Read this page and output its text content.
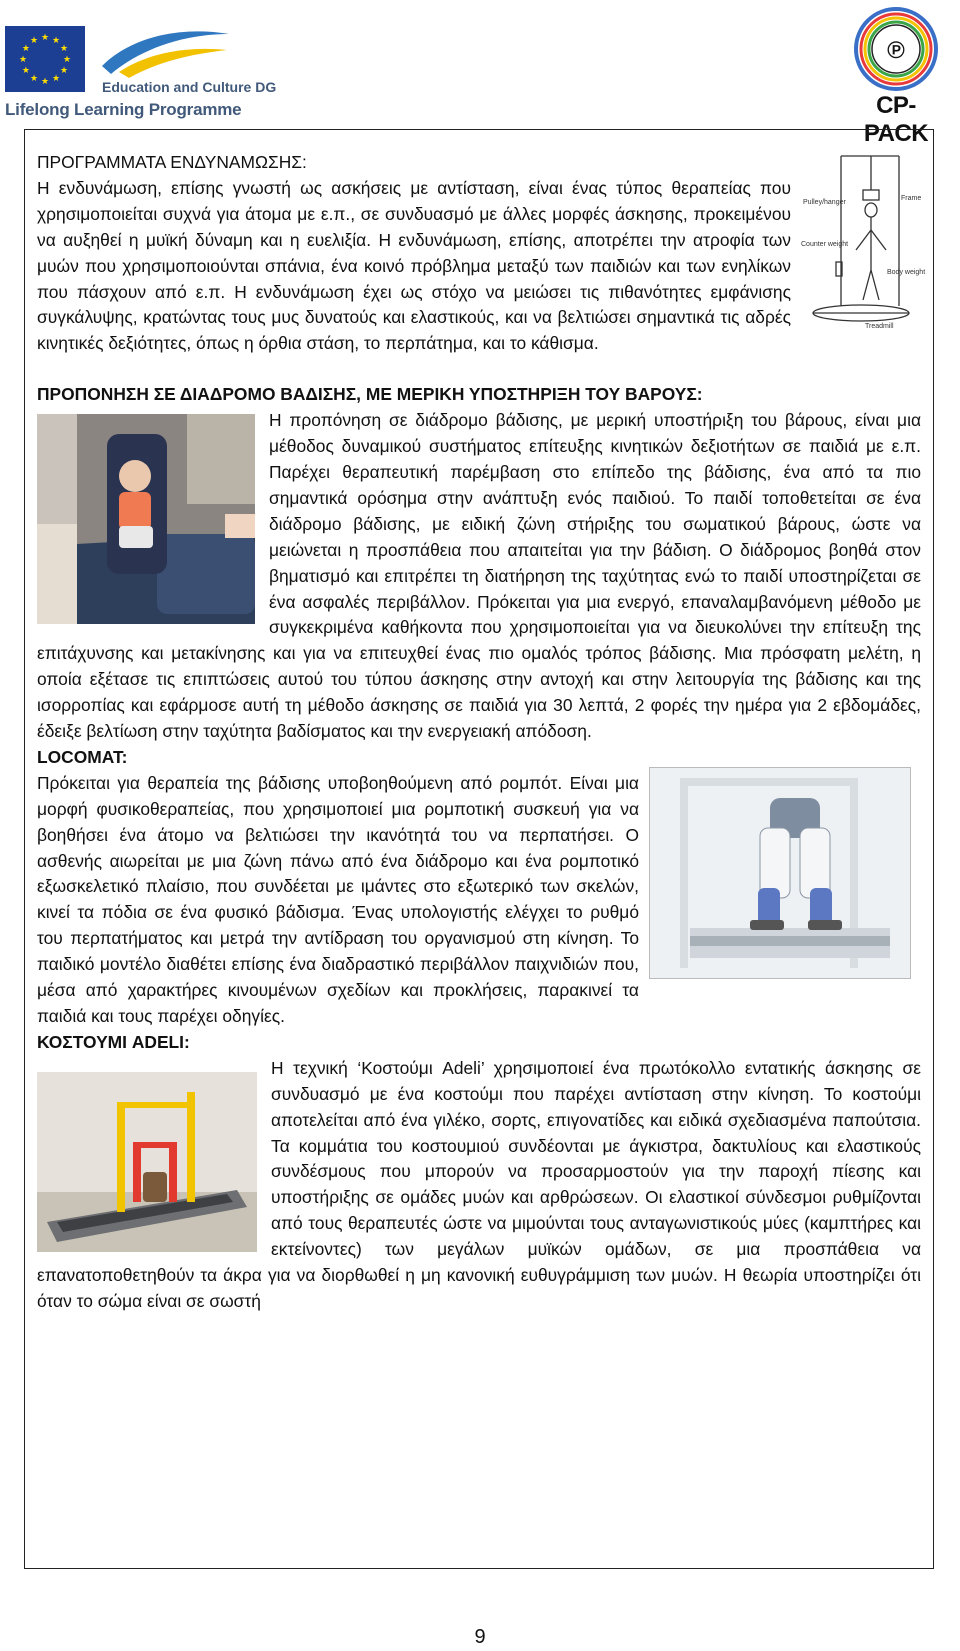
★ ★
★
★
★
★
★
★
★
★
★
★
Education and Culture DG
Lifelong Learning Programme
℗
CP-PACK
Pulley/hanger
Frame
Counter weight
Body weight
Treadmill
ΠΡΟΓΡΑΜΜΑΤΑ ΕΝΔΥΝΑΜΩΣΗΣ:

Η ενδυνάμωση, επίσης γνωστή ως ασκήσεις με αντίσταση, είναι ένας τύπος θεραπείας που χρησιμοποιείται συχνά για άτομα με ε.π., σε συνδυασμό με άλλες μορφές άσκησης, προκειμένου να αυξηθεί η μυϊκή δύναμη και η ευελιξία. Η ενδυνάμωση, επίσης, αποτρέπει την ατροφία των μυών που χρησιμοποιούνται σπάνια, ένα κοινό πρόβλημα μεταξύ των παιδιών και των ενηλίκων που πάσχουν από ε.π. Η ενδυνάμωση έχει ως στόχο να μειώσει τις πιθανότητες εμφάνισης συγκάλυψης, κρατώντας τους μυς δυνατούς και ελαστικούς, και να βελτιώσει σημαντικά τις αδρές κινητικές δεξιότητες, όπως η όρθια στάση, το περπάτημα, και το κάθισμα.

ΠΡΟΠΟΝΗΣΗ ΣΕ ΔΙΑΔΡΟΜΟ ΒΑΔΙΣΗΣ, ΜΕ ΜΕΡΙΚΗ ΥΠΟΣΤΗΡΙΞΗ ΤΟΥ ΒΑΡΟΥΣ:

Η προπόνηση σε διάδρομο βάδισης, με μερική υποστήριξη του βάρους, είναι μια μέθοδος δυναμικού συστήματος επίτευξης κινητικών δεξιοτήτων σε παιδιά με ε.π. Παρέχει θεραπευτική παρέμβαση στο επίπεδο της βάδισης, ένα από τα πιο σημαντικά ορόσημα στην ανάπτυξη ενός παιδιού. Το παιδί τοποθετείται σε ένα διάδρομο βάδισης, με ειδική ζώνη στήριξης του σωματικού βάρους, ώστε να μειώνεται η προσπάθεια που απαιτείται για την βάδιση. Ο διάδρομος βοηθά στον βηματισμό και επιτρέπει τη διατήρηση της ταχύτητας ενώ το παιδί υποστηρίζεται σε ένα ασφαλές περιβάλλον. Πρόκειται για μια ενεργό, επαναλαμβανόμενη μέθοδο με συγκεκριμένα καθήκοντα που χρησιμοποιείται για να διευκολύνει την επίτευξη της επιτάχυνσης και μετακίνησης και για να επιτευχθεί ένας πιο ομαλός τρόπος βάδισης. Μια πρόσφατη μελέτη, η οποία εξέτασε τις επιπτώσεις αυτού του τύπου άσκησης στην αντοχή και στην λειτουργία της βάδισης και της ισορροπίας και εφάρμοσε αυτή τη μέθοδο άσκησης σε παιδιά για 30 λεπτά, 2 φορές την ημέρα για 2 εβδομάδες, έδειξε βελτίωση στην ταχύτητα βαδίσματος και την ενεργειακή απόδοση.

LOCOMAT:

Πρόκειται για θεραπεία της βάδισης υποβοηθούμενη από ρομπότ. Είναι μια μορφή φυσικοθεραπείας, που χρησιμοποιεί μια ρομποτική συσκευή για να βοηθήσει ένα άτομο να βελτιώσει την ικανότητά του να περπατήσει. Ο ασθενής αιωρείται με μια ζώνη πάνω από ένα διάδρομο και ένα ρομποτικό εξωσκελετικό πλαίσιο, που συνδέεται με ιμάντες στο εξωτερικό των σκελών, κινεί τα πόδια σε ένα φυσικό βάδισμα. Ένας υπολογιστής ελέγχει το ρυθμό του περπατήματος και μετρά την αντίδραση του οργανισμού στη κίνηση. Το παιδικό μοντέλο διαθέτει επίσης ένα διαδραστικό περιβάλλον παιχνιδιών που, μέσα από χαρακτήρες κινουμένων σχεδίων και προκλήσεις, παρακινεί τα παιδιά και τους παρέχει οδηγίες.

ΚΟΣΤΟΥΜΙ ADELI:

Η τεχνική ‘Κοστούμι Adeli’ χρησιμοποιεί ένα πρωτόκολλο εντατικής άσκησης σε συνδυασμό με ένα κοστούμι που παρέχει αντίσταση στην κίνηση. Το κοστούμι αποτελείται από ένα γιλέκο, σορτς, επιγονατίδες και ειδικά σχεδιασμένα παπούτσια. Τα κομμάτια του κοστουμιού συνδέονται με άγκιστρα, δακτυλίους και ελαστικούς συνδέσμους που μπορούν να προσαρμοστούν για την παροχή πίεσης και υποστήριξης σε ομάδες μυών και αρθρώσεων. Οι ελαστικοί σύνδεσμοι ρυθμίζονται από τους θεραπευτές ώστε να μιμούνται τους ανταγωνιστικούς μύες (καμπτήρες και εκτείνοντες) των μεγάλων μυϊκών ομάδων, σε μια προσπάθεια να επανατοποθετηθούν τα άκρα για να διορθωθεί η μη κανονική ευθυγράμμιση των μυών. Η θεωρία υποστηρίζει ότι όταν το σώμα είναι σε σωστή

9
